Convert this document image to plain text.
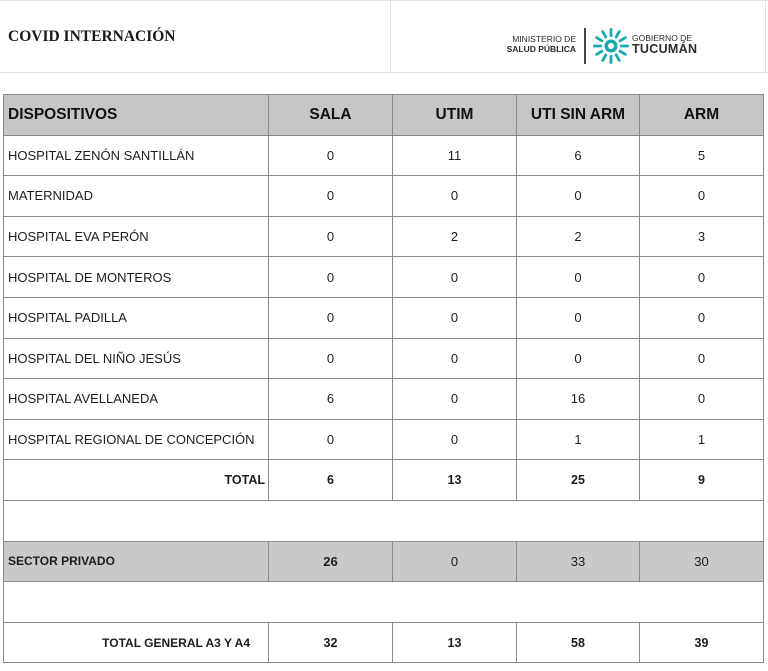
COVID INTERNACIÓN	MINISTERIO DE
SALUD PÚBLICA
GOBIERNO DE
TUCUMÁN
DISPOSITIVOS	SALA	UTIM	UTI SIN ARM	ARM
HOSPITAL ZENÓN SANTILLÁN	0	11	6	5
MATERNIDAD	0	0	0	0
HOSPITAL EVA PERÓN	0	2	2	3
HOSPITAL DE MONTEROS	0	0	0	0
HOSPITAL PADILLA	0	0	0	0
HOSPITAL DEL NIÑO JESÚS	0	0	0	0
HOSPITAL AVELLANEDA	6	0	16	0
HOSPITAL REGIONAL DE CONCEPCIÓN	0	0	1	1
TOTAL	6	13	25	9

SECTOR PRIVADO	26	0	33	30

TOTAL GENERAL A3 Y A4	32	13	58	39
